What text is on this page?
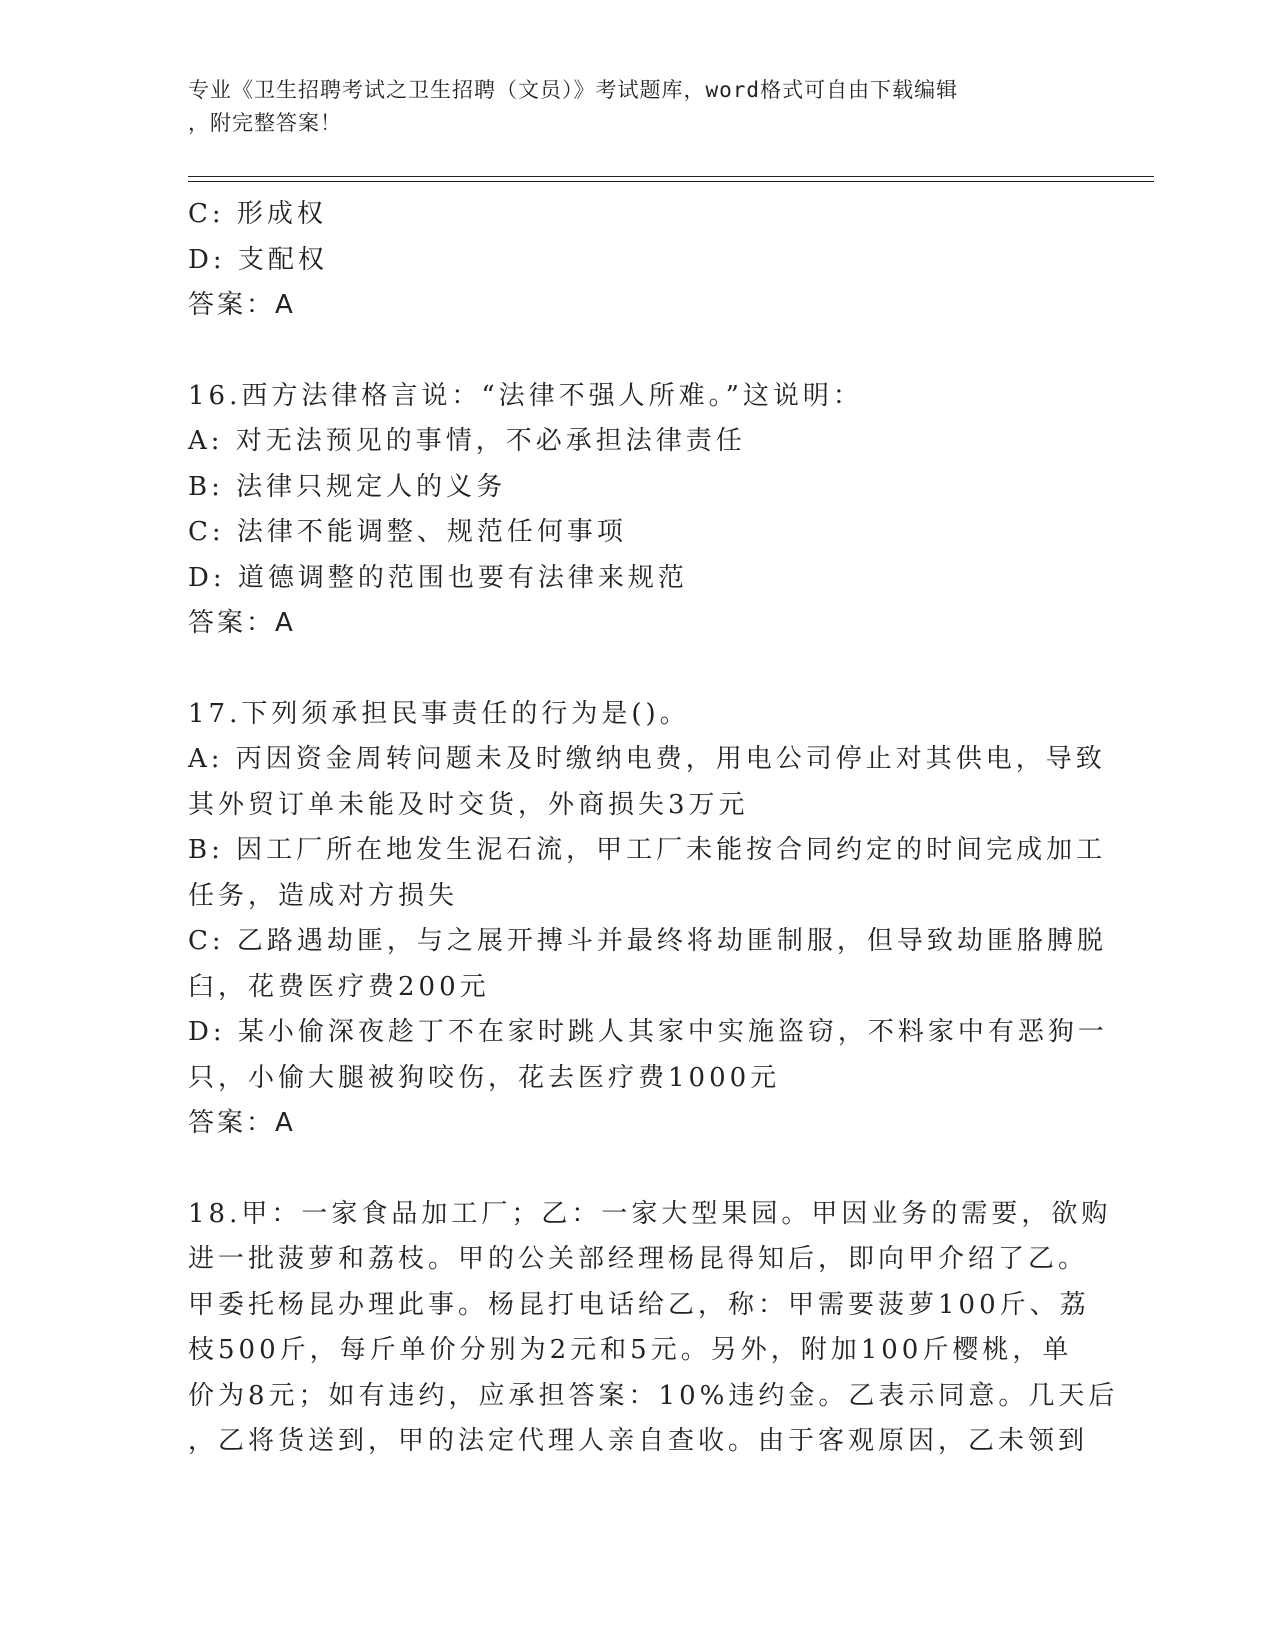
专业《卫生招聘考试之卫生招聘（文员）》考试题库，word格式可自由下载编辑
，附完整答案！

C: 形成权

D: 支配权

答案：A

16.西方法律格言说：“法律不强人所难。”这说明：

A: 对无法预见的事情，不必承担法律责任

B: 法律只规定人的义务

C: 法律不能调整、规范任何事项

D: 道德调整的范围也要有法律来规范

答案：A

17.下列须承担民事责任的行为是()。

A: 丙因资金周转问题未及时缴纳电费，用电公司停止对其供电，导致

其外贸订单未能及时交货，外商损失3万元

B: 因工厂所在地发生泥石流，甲工厂未能按合同约定的时间完成加工

任务，造成对方损失

C: 乙路遇劫匪，与之展开搏斗并最终将劫匪制服，但导致劫匪胳膊脱

臼，花费医疗费200元

D: 某小偷深夜趁丁不在家时跳人其家中实施盗窃，不料家中有恶狗一

只，小偷大腿被狗咬伤，花去医疗费1000元

答案：A

18.甲：一家食品加工厂；乙：一家大型果园。甲因业务的需要，欲购

进一批菠萝和荔枝。甲的公关部经理杨昆得知后，即向甲介绍了乙。

甲委托杨昆办理此事。杨昆打电话给乙，称：甲需要菠萝100斤、荔

枝500斤，每斤单价分别为2元和5元。另外，附加100斤樱桃，单

价为8元；如有违约，应承担答案：10%违约金。乙表示同意。几天后

，乙将货送到，甲的法定代理人亲自查收。由于客观原因，乙未领到
